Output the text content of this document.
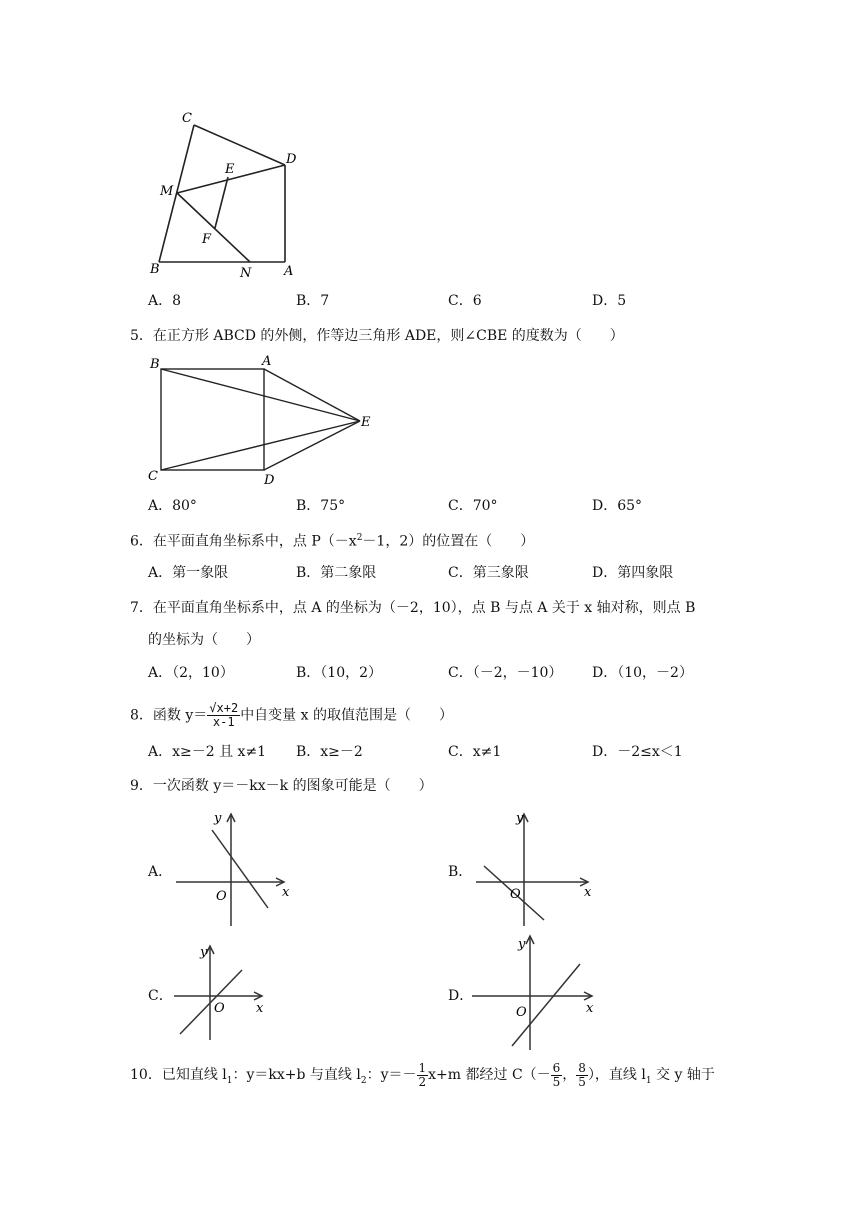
C
D
E
M
F
B	N	A
A．8	B．7	C．6	D．5
5．在正方形 ABCD 的外侧，作等边三角形 ADE，则∠CBE 的度数为（　　）
B	A
E
C	D
A．80°	B．75°	C．70°	D．65°
6．在平面直角坐标系中，点 $P(-x^2-1$，2）的位置在（　　）
A．第一象限	B．第二象限	C．第三象限	D．第四象限
7．在平面直角坐标系中，点 A 的坐标为（－2，10），点 B 与点 A 关于 x 轴对称，则点 B
的坐标为（　　）
A．（2，10）	B．（10，2）	C．（－2，－10） D．（10，－2）
8．函数 $y= \frac{√x+2}{x-1}$ 中自变量 x 的取值范围是（　　）
A．x≥－2 且 x≠1 B．x≥－2	C．x≠1	D．－2≤x＜1
9．一次函数 y＝－kx－k 的图象可能是（　　）
A．
y
x
O
B．
y
x
O
C．
y
x
O
D．
y
x
O
10．已知直线 $l_1$：y＝kx+b 与直线 $l_2$：$y=- \frac{1}{2} x+m$ 都经过 $C(- \frac{6}{5}$ ， $\frac{8}{5}$ ），直线 $l_1$ 交 y 轴于
